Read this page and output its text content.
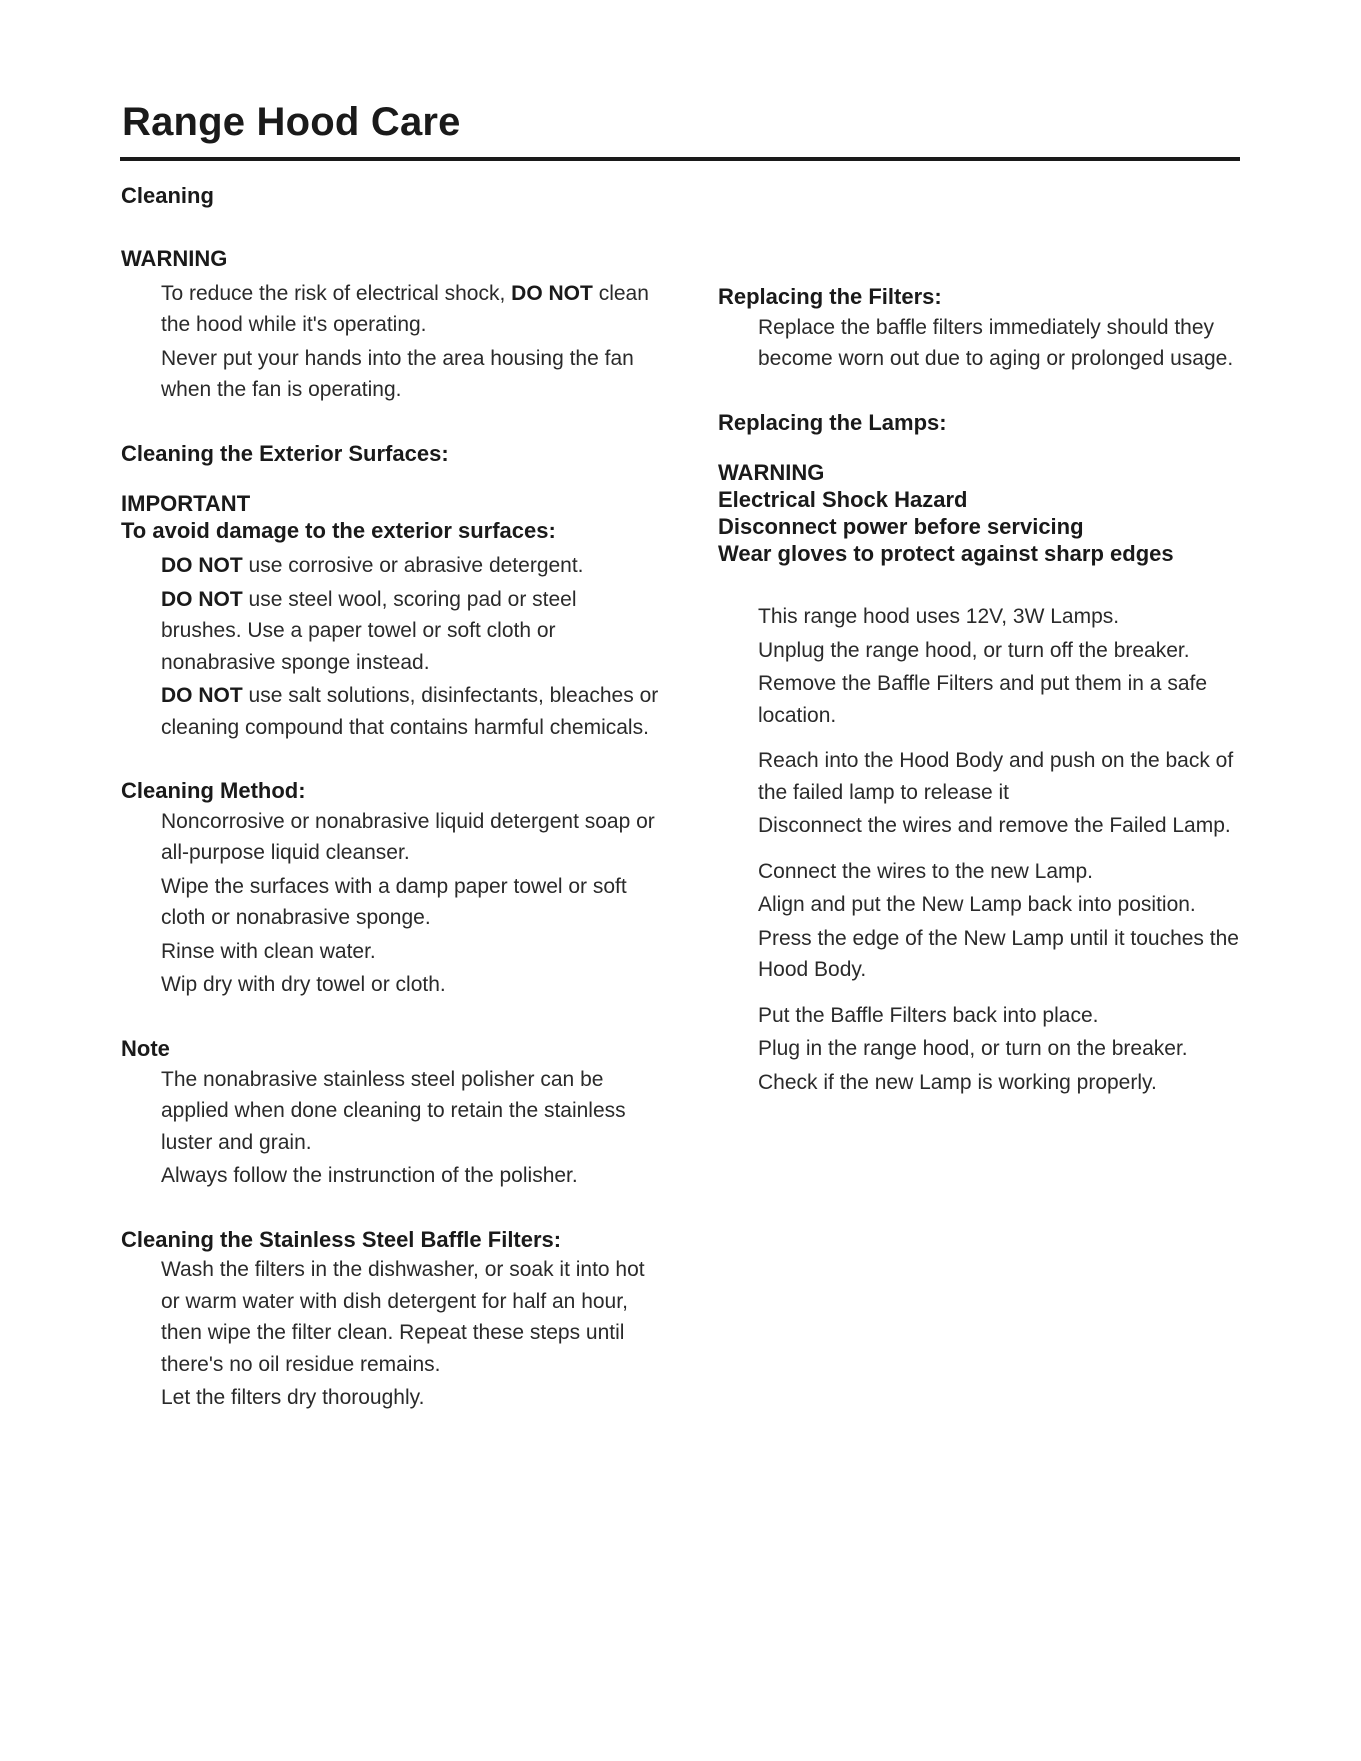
Range Hood Care

Cleaning

WARNING

To reduce the risk of electrical shock, DO NOT clean the hood while it's operating.

Never put your hands into the area housing the fan when the fan is operating.

Cleaning the Exterior Surfaces:

IMPORTANT

To avoid damage to the exterior surfaces:

DO NOT use corrosive or abrasive detergent.

DO NOT use steel wool, scoring pad or steel brushes. Use a paper towel or soft cloth or nonabrasive sponge instead.

DO NOT use salt solutions, disinfectants, bleaches or cleaning compound that contains harmful chemicals.

Cleaning Method:

Noncorrosive or nonabrasive liquid detergent soap or all-purpose liquid cleanser.

Wipe the surfaces with a damp paper towel or soft cloth or nonabrasive sponge.

Rinse with clean water.

Wip dry with dry towel or cloth.

Note

The nonabrasive stainless steel polisher can be applied when done cleaning to retain the stainless luster and grain.

Always follow the instrunction of the polisher.

Cleaning the Stainless Steel Baffle Filters:

Wash the filters in the dishwasher, or soak it into hot or warm water with dish detergent for half an hour, then wipe the filter clean. Repeat these steps until there's no oil residue remains.

Let the filters dry thoroughly.

Replacing the Filters:

Replace the baffle filters immediately should they become worn out due to aging or prolonged usage.

Replacing the Lamps:

WARNING

Electrical Shock Hazard

Disconnect power before servicing

Wear gloves to protect against sharp edges

This range hood uses 12V, 3W Lamps.

Unplug the range hood, or turn off the breaker.

Remove the Baffle Filters and put them in a safe location.

Reach into the Hood Body and push on the back of the failed lamp to release it

Disconnect the wires and remove the Failed Lamp.

Connect the wires to the new Lamp.

Align and put the New Lamp back into position.

Press the edge of the New Lamp until it touches the Hood Body.

Put the Baffle Filters back into place.

Plug in the range hood, or turn on the breaker.

Check if the new Lamp is working properly.
